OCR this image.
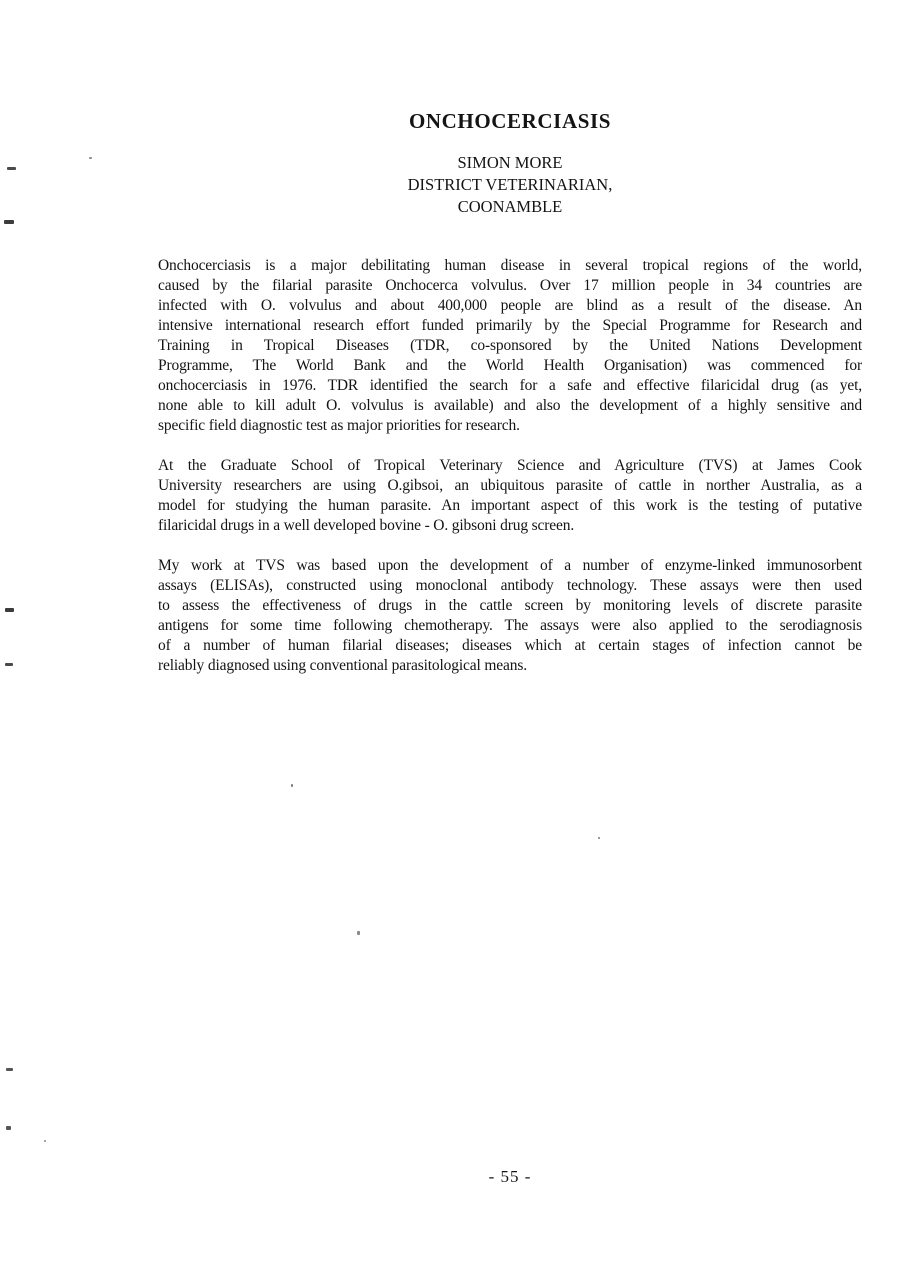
ONCHOCERCIASIS
SIMON MORE
DISTRICT VETERINARIAN,
COONAMBLE
Onchocerciasis is a major debilitating human disease in several tropical regions of the world,
caused by the filarial parasite Onchocerca volvulus. Over 17 million people in 34 countries are
infected with O. volvulus and about 400,000 people are blind as a result of the disease. An
intensive international research effort funded primarily by the Special Programme for Research and
Training in Tropical Diseases (TDR, co-sponsored by the United Nations Development
Programme, The World Bank and the World Health Organisation) was commenced for
onchocerciasis in 1976. TDR identified the search for a safe and effective filaricidal drug (as yet,
none able to kill adult O. volvulus is available) and also the development of a highly sensitive and
specific field diagnostic test as major priorities for research.
At the Graduate School of Tropical Veterinary Science and Agriculture (TVS) at James Cook
University researchers are using O.gibsoi, an ubiquitous parasite of cattle in norther Australia, as a
model for studying the human parasite. An important aspect of this work is the testing of putative
filaricidal drugs in a well developed bovine - O. gibsoni drug screen.
My work at TVS was based upon the development of a number of enzyme-linked immunosorbent
assays (ELISAs), constructed using monoclonal antibody technology. These assays were then used
to assess the effectiveness of drugs in the cattle screen by monitoring levels of discrete parasite
antigens for some time following chemotherapy. The assays were also applied to the serodiagnosis
of a number of human filarial diseases; diseases which at certain stages of infection cannot be
reliably diagnosed using conventional parasitological means.
- 55 -
